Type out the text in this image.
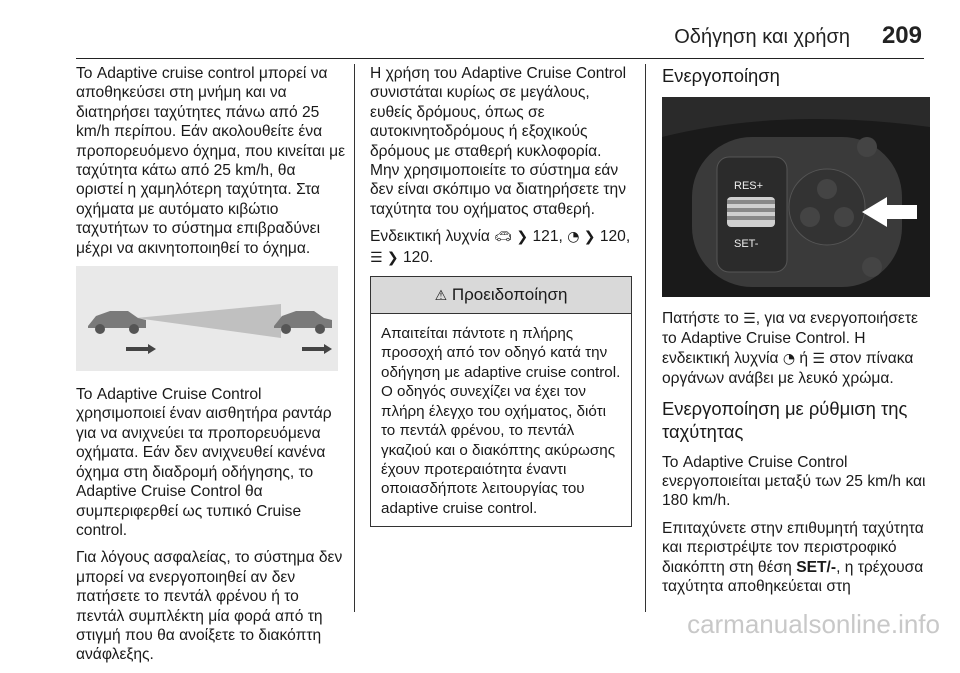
Οδήγηση και χρήση 209

Το Adaptive cruise control μπορεί να αποθηκεύσει στη μνήμη και να διατηρήσει ταχύτητες πάνω από 25 km/h περίπου. Εάν ακολουθείτε ένα προπορευόμενο όχημα, που κινείται με ταχύτητα κάτω από 25 km/h, θα οριστεί η χαμηλότερη ταχύτητα. Στα οχήματα με αυτόματο κιβώτιο ταχυτήτων το σύστημα επιβραδύνει μέχρι να ακινητοποιηθεί το όχημα.

Το Adaptive Cruise Control χρησιμοποιεί έναν αισθητήρα ραντάρ για να ανιχνεύει τα προπορευόμενα οχήματα. Εάν δεν ανιχνευθεί κανένα όχημα στη διαδρομή οδήγησης, το Adaptive Cruise Control θα συμπεριφερθεί ως τυπικό Cruise control.

Για λόγους ασφαλείας, το σύστημα δεν μπορεί να ενεργοποιηθεί αν δεν πατήσετε το πεντάλ φρένου ή το πεντάλ συμπλέκτη μία φορά από τη στιγμή που θα ανοίξετε το διακόπτη ανάφλεξης.

Η χρήση του Adaptive Cruise Control συνιστάται κυρίως σε μεγάλους, ευθείς δρόμους, όπως σε αυτοκινητοδρόμους ή εξοχικούς δρόμους με σταθερή κυκλοφορία. Μην χρησιμοποιείτε το σύστημα εάν δεν είναι σκόπιμο να διατηρήσετε την ταχύτητα του οχήματος σταθερή.

Ενδεικτική λυχνία 🚗︎ ❯ 121, ◔ ❯ 120, ☰ ❯ 120.

⚠ Προειδοποίηση
Απαιτείται πάντοτε η πλήρης προσοχή από τον οδηγό κατά την οδήγηση με adaptive cruise control. Ο οδηγός συνεχίζει να έχει τον πλήρη έλεγχο του οχήματος, διότι το πεντάλ φρένου, το πεντάλ γκαζιού και ο διακόπτης ακύρωσης έχουν προτεραιότητα έναντι οποιασδήποτε λειτουργίας του adaptive cruise control.
Ενεργοποίηση
RES+
SET-

Πατήστε το ☰, για να ενεργοποιήσετε το Adaptive Cruise Control. Η ενδεικτική λυχνία ◔ ή ☰ στον πίνακα οργάνων ανάβει με λευκό χρώμα.

Ενεργοποίηση με ρύθμιση της ταχύτητας

Το Adaptive Cruise Control ενεργοποιείται μεταξύ των 25 km/h και 180 km/h.

Επιταχύνετε στην επιθυμητή ταχύτητα και περιστρέψτε τον περιστροφικό διακόπτη στη θέση SET/-, η τρέχουσα ταχύτητα αποθηκεύεται στη

carmanualsonline.info
